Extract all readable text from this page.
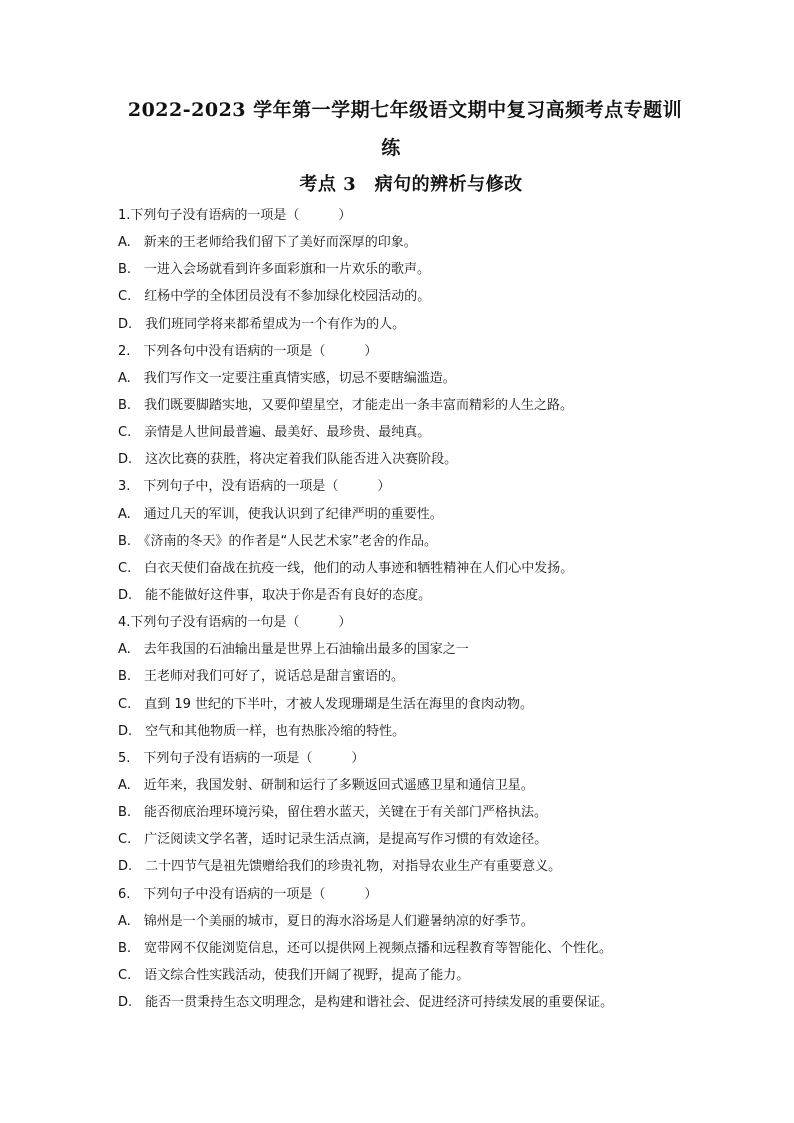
2022-2023 学年第一学期七年级语文期中复习高频考点专题训
练
考点 3　病句的辨析与修改
1.下列句子没有语病的一项是（　　　）
A.　新来的王老师给我们留下了美好而深厚的印象。
B.　一进入会场就看到许多面彩旗和一片欢乐的歌声。
C.　红杨中学的全体团员没有不参加绿化校园活动的。
D.　我们班同学将来都希望成为一个有作为的人。
2.　下列各句中没有语病的一项是（　　　）
A.　我们写作文一定要注重真情实感，切忌不要瞎编滥造。
B.　我们既要脚踏实地，又要仰望星空，才能走出一条丰富而精彩的人生之路。
C.　亲情是人世间最普遍、最美好、最珍贵、最纯真。
D.　这次比赛的获胜，将决定着我们队能否进入决赛阶段。
3.　下列句子中，没有语病的一项是（　　　）
A.　通过几天的军训，使我认识到了纪律严明的重要性。
B.　《济南的冬天》的作者是“人民艺术家”老舍的作品。
C.　白衣天使们奋战在抗疫一线，他们的动人事迹和牺牲精神在人们心中发扬。
D.　能不能做好这件事，取决于你是否有良好的态度。
4.下列句子没有语病的一句是（　　　）
A.　去年我国的石油输出量是世界上石油输出最多的国家之一
B.　王老师对我们可好了，说话总是甜言蜜语的。
C.　直到 19 世纪的下半叶，才被人发现珊瑚是生活在海里的食肉动物。
D.　空气和其他物质一样，也有热胀冷缩的特性。
5.　下列句子没有语病的一项是（　　　）
A.　近年来，我国发射、研制和运行了多颗返回式遥感卫星和通信卫星。
B.　能否彻底治理环境污染，留住碧水蓝天，关键在于有关部门严格执法。
C.　广泛阅读文学名著，适时记录生活点滴，是提高写作习惯的有效途径。
D.　二十四节气是祖先馈赠给我们的珍贵礼物，对指导农业生产有重要意义。
6.　下列句子中没有语病的一项是（　　　）
A.　锦州是一个美丽的城市，夏日的海水浴场是人们避暑纳凉的好季节。
B.　宽带网不仅能浏览信息，还可以提供网上视频点播和远程教育等智能化、个性化。
C.　语文综合性实践活动，使我们开阔了视野，提高了能力。
D.　能否一贯秉持生态文明理念，是构建和谐社会、促进经济可持续发展的重要保证。
